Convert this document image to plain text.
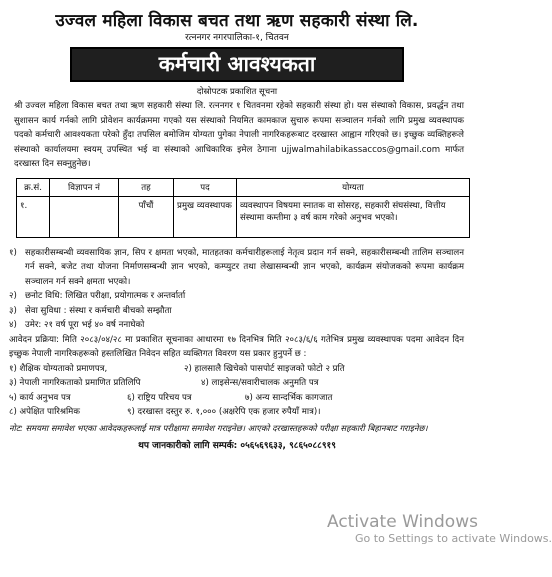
उज्वल महिला विकास बचत तथा ऋण सहकारी संस्था लि.
रत्ननगर नगरपालिका-१, चितवन
कर्मचारी आवश्यकता
दोस्रोपटक प्रकाशित सूचना
श्री उज्वल महिला विकास बचत तथा ऋण सहकारी संस्था लि. रत्ननगर १ चितवनमा रहेको सहकारी संस्था हो। यस संस्थाको विकास, प्रवर्द्धन तथा सुशासन कार्य गर्नको लागि प्रोवेशन कार्यक्रममा गएको यस संस्थाको नियमित कामकाज सुचारु रूपमा सञ्चालन गर्नको लागि प्रमुख व्यवस्थापक पदको कर्मचारी आवश्यकता परेको हुँदा तपसिल बमोजिम योग्यता पुगेका नेपाली नागरिकहरूबाट दरखास्त आह्वान गरिएको छ। इच्छुक व्यक्तिहरूले संस्थाको कार्यालयमा स्वयम् उपस्थित भई वा संस्थाको आधिकारिक इमेल ठेगाना ujjwalmahilabikassaccos@gmail.com मार्फत दरखास्त दिन सक्नुहुनेछ।
क्र.सं.	विज्ञापन नं	तह	पद	योग्यता
१.		पाँचौं	प्रमुख व्यवस्थापक	व्यवस्थापन विषयमा स्नातक वा सोसरह, सहकारी संघसंस्था, वित्तीय संस्थामा कम्तीमा ३ वर्ष काम गरेको अनुभव भएको।
१) सहकारीसम्बन्धी व्यवसायिक ज्ञान, सिप र क्षमता भएको, मातहतका कर्मचारीहरूलाई नेतृत्व प्रदान गर्न सक्ने, सहकारीसम्बन्धी तालिम सञ्चालन गर्न सक्ने, बजेट तथा योजना निर्माणसम्बन्धी ज्ञान भएको, कम्प्युटर तथा लेखासम्बन्धी ज्ञान भएको, कार्यक्रम संयोजकको रूपमा कार्यक्रम सञ्चालन गर्न सक्ने क्षमता भएको।
२) छनोट विधि: लिखित परीक्षा, प्रयोगात्मक र अन्तर्वार्ता
३) सेवा सुविधा : संस्था र कर्मचारी बीचको सम्झौता
४) उमेर: २१ वर्ष पूरा भई ४० वर्ष ननाघेको
आवेदन प्रक्रिया: मिति २०८३/०४/२८ मा प्रकाशित सूचनाका आधारमा १७ दिनभित्र मिति २०८३/६/६ गतेभित्र प्रमुख व्यवस्थापक पदमा आवेदन दिन इच्छुक नेपाली नागरिकहरूको हस्तलिखित निवेदन सहित व्यक्तिगत विवरण यस प्रकार हुनुपर्ने छ :
१) शैक्षिक योग्यताको प्रमाणपत्र,	२) हालसालै खिचेको पासपोर्ट साइजको फोटो २ प्रति
३) नेपाली नागरिकताको प्रमाणित प्रतिलिपि	४) लाइसेन्स/सवारीचालक अनुमति पत्र
५) कार्य अनुभव पत्र	६) राष्ट्रिय परिचय पत्र	७) अन्य सान्दर्भिक कागजात
८) अपेक्षित पारिश्रमिक	९) दरखास्त दस्तुर रु. १,००० (अक्षरेपि एक हजार रुपैयाँ मात्र)।
नोट: समयमा समावेश भएका आवेदकहरूलाई मात्र परीक्षामा समावेश गराइनेछ। आएको दरखास्तहरूको परीक्षा सहकारी बिहानबाट गराइनेछ।
थप जानकारीको लागि सम्पर्क: ०५६५६९६३३, ९८६५०८८९१९
Activate Windows
Go to Settings to activate Windows.
